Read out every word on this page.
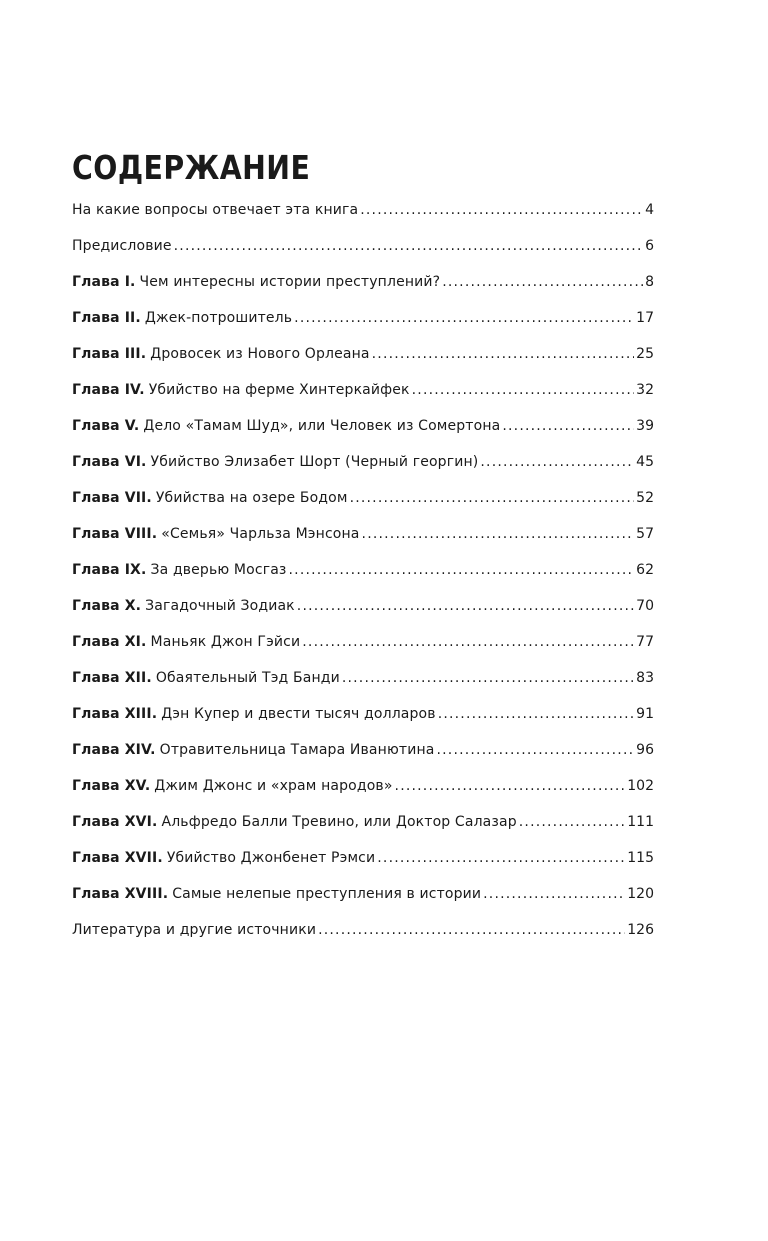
СОДЕРЖАНИЕ
На какие вопросы отвечает эта книга .....	4
Предисловие .....	6
Глава I. Чем интересны истории преступлений? .....	8
Глава II. Джек-потрошитель .....	17
Глава III. Дровосек из Нового Орлеана .....	25
Глава IV. Убийство на ферме Хинтеркайфек .....	32
Глава V. Дело «Тамам Шуд», или Человек из Сомертона .....	39
Глава VI. Убийство Элизабет Шорт (Черный георгин) .....	45
Глава VII. Убийства на озере Бодом .....	52
Глава VIII. «Семья» Чарльза Мэнсона .....	57
Глава IX. За дверью Мосгаз .....	62
Глава X. Загадочный Зодиак .....	70
Глава XI. Маньяк Джон Гэйси .....	77
Глава XII. Обаятельный Тэд Банди .....	83
Глава XIII. Дэн Купер и двести тысяч долларов .....	91
Глава XIV. Отравительница Тамара Иванютина .....	96
Глава XV. Джим Джонс и «храм народов» .....	102
Глава XVI. Альфредо Балли Тревино, или Доктор Салазар .....	111
Глава XVII. Убийство Джонбенет Рэмси .....	115
Глава XVIII. Самые нелепые преступления в истории .....	120
Литература и другие источники .....	126
